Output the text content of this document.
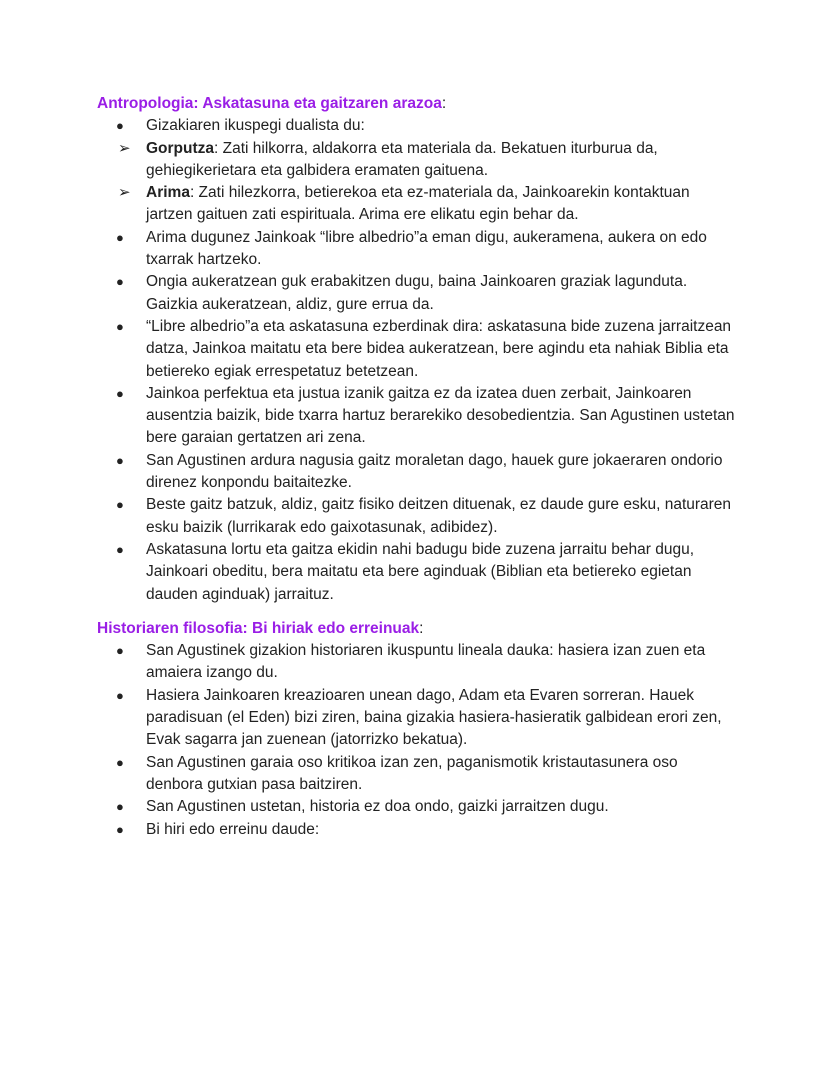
Antropologia: Askatasuna eta gaitzaren arazoa:

● Gizakiaren ikuspegi dualista du:
➢ Gorputza: Zati hilkorra, aldakorra eta materiala da. Bekatuen iturburua da, gehiegikerietara eta galbidera eramaten gaituena.
➢ Arima: Zati hilezkorra, betierekoa eta ez-materiala da, Jainkoarekin kontaktuan jartzen gaituen zati espirituala. Arima ere elikatu egin behar da.
● Arima dugunez Jainkoak “libre albedrio”a eman digu, aukeramena, aukera on edo txarrak hartzeko.
● Ongia aukeratzean guk erabakitzen dugu, baina Jainkoaren graziak lagunduta. Gaizkia aukeratzean, aldiz, gure errua da.
● “Libre albedrio”a eta askatasuna ezberdinak dira: askatasuna bide zuzena jarraitzean datza, Jainkoa maitatu eta bere bidea aukeratzean, bere agindu eta nahiak Biblia eta betiereko egiak errespetatuz betetzean.
● Jainkoa perfektua eta justua izanik gaitza ez da izatea duen zerbait, Jainkoaren ausentzia baizik, bide txarra hartuz berarekiko desobedientzia. San Agustinen ustetan bere garaian gertatzen ari zena.
● San Agustinen ardura nagusia gaitz moraletan dago, hauek gure jokaeraren ondorio direnez konpondu baitaitezke.
● Beste gaitz batzuk, aldiz, gaitz fisiko deitzen dituenak, ez daude gure esku, naturaren esku baizik (lurrikarak edo gaixotasunak, adibidez).
● Askatasuna lortu eta gaitza ekidin nahi badugu bide zuzena jarraitu behar dugu, Jainkoari obeditu, bera maitatu eta bere aginduak (Biblian eta betiereko egietan dauden aginduak) jarraituz.

Historiaren filosofia: Bi hiriak edo erreinuak:

● San Agustinek gizakion historiaren ikuspuntu lineala dauka: hasiera izan zuen eta amaiera izango du.
● Hasiera Jainkoaren kreazioaren unean dago, Adam eta Evaren sorreran. Hauek paradisuan (el Eden) bizi ziren, baina gizakia hasiera-hasieratik galbidean erori zen, Evak sagarra jan zuenean (jatorrizko bekatua).
● San Agustinen garaia oso kritikoa izan zen, paganismotik kristautasunera oso denbora gutxian pasa baitziren.
● San Agustinen ustetan, historia ez doa ondo, gaizki jarraitzen dugu.
● Bi hiri edo erreinu daude:
